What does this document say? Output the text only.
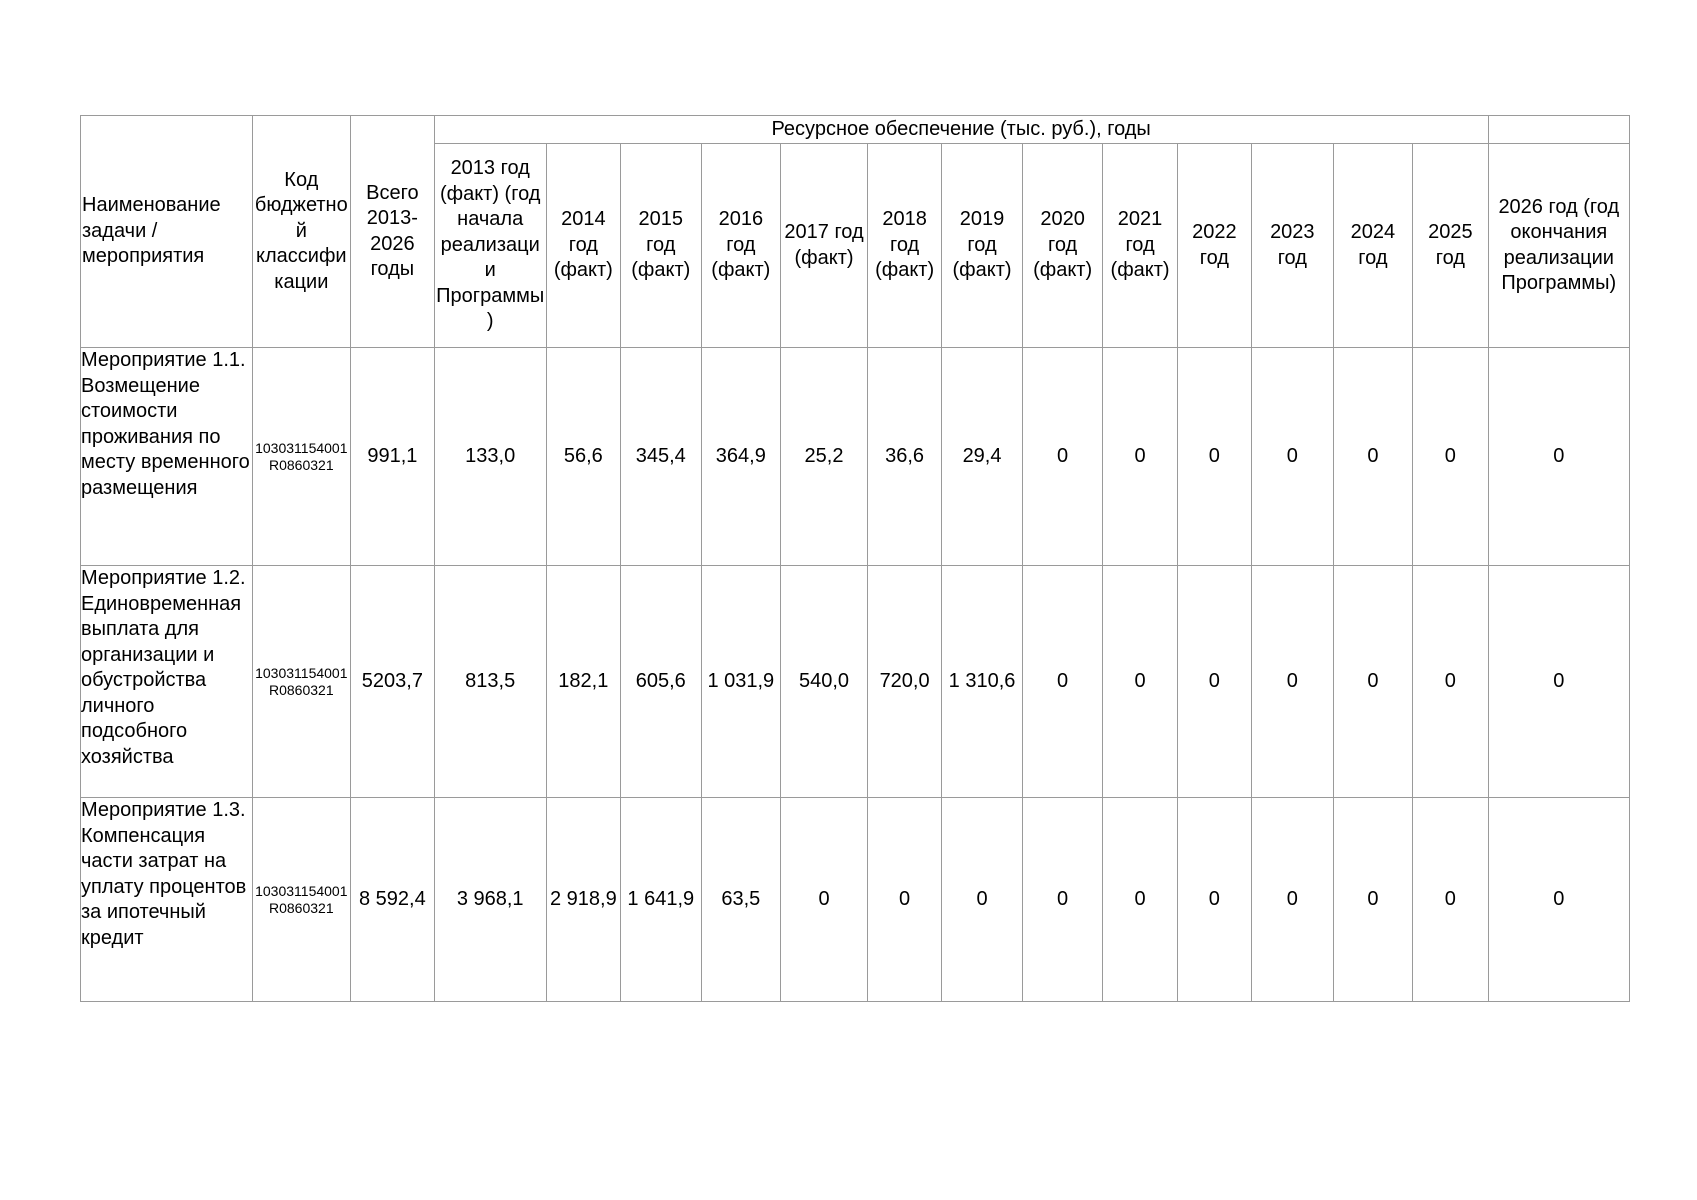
Наименование задачи / мероприятия	Код бюджетной классификации	Всего 2013-2026 годы	Ресурсное обеспечение (тыс. руб.), годы													
			2013 год (факт) (год начала реализации Программы)	2014 год (факт)	2015 год (факт)	2016 год (факт)	2017 год (факт)	2018 год (факт)	2019 год (факт)	2020 год (факт)	2021 год (факт)	2022 год	2023 год	2024 год	2025 год	2026 год (год окончания реализации Программы)
Мероприятие 1.1. Возмещение стоимости проживания по месту временного размещения	103031154001R0860321	991,1	133,0	56,6	345,4	364,9	25,2	36,6	29,4	0	0	0	0	0	0	0
Мероприятие 1.2. Единовременная выплата для организации и обустройства личного подсобного хозяйства	103031154001R0860321	5203,7	813,5	182,1	605,6	1 031,9	540,0	720,0	1 310,6	0	0	0	0	0	0	0
Мероприятие 1.3. Компенсация части затрат на уплату процентов за ипотечный кредит	103031154001R0860321	8 592,4	3 968,1	2 918,9	1 641,9	63,5	0	0	0	0	0	0	0	0	0	0
